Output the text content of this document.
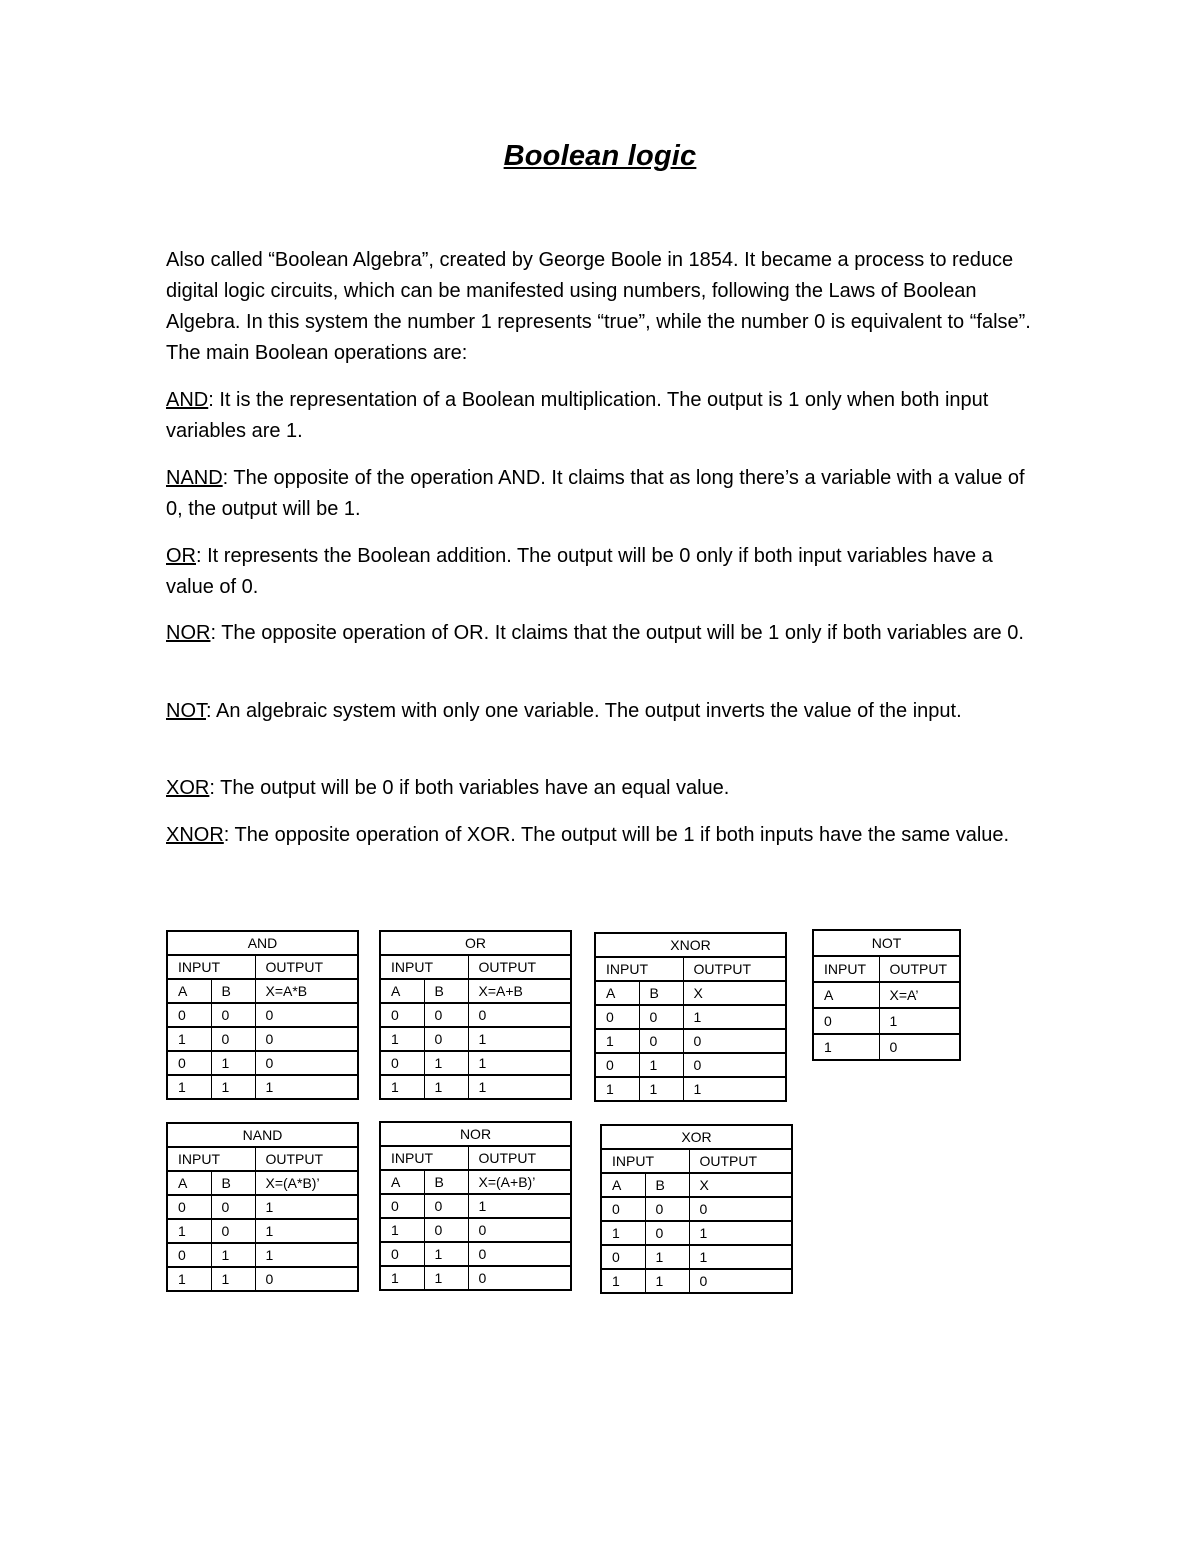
Boolean logic

Also called “Boolean Algebra”, created by George Boole in 1854. It became a process to reduce digital logic circuits, which can be manifested using numbers, following the Laws of Boolean Algebra. In this system the number 1 represents “true”, while the number 0 is equivalent to “false”. The main Boolean operations are:

AND: It is the representation of a Boolean multiplication. The output is 1 only when both input variables are 1.

NAND: The opposite of the operation AND. It claims that as long there’s a variable with a value of 0, the output will be 1.

OR: It represents the Boolean addition. The output will be 0 only if both input variables have a value of 0.

NOR: The opposite operation of OR. It claims that the output will be 1 only if both variables are 0.

NOT: An algebraic system with only one variable. The output inverts the value of the input.

XOR: The output will be 0 if both variables have an equal value.

XNOR: The opposite operation of XOR. The output will be 1 if both inputs have the same value.

AND		
INPUT		OUTPUT
A	B	X=A*B
0	0	0
1	0	0
0	1	0
1	1	1
OR		
INPUT		OUTPUT
A	B	X=A+B
0	0	0
1	0	1
0	1	1
1	1	1
XNOR		
INPUT		OUTPUT
A	B	X
0	0	1
1	0	0
0	1	0
1	1	1
NOT	
INPUT	OUTPUT
A	X=A’
0	1
1	0
NAND		
INPUT		OUTPUT
A	B	X=(A*B)’
0	0	1
1	0	1
0	1	1
1	1	0
NOR		
INPUT		OUTPUT
A	B	X=(A+B)’
0	0	1
1	0	0
0	1	0
1	1	0
XOR		
INPUT		OUTPUT
A	B	X
0	0	0
1	0	1
0	1	1
1	1	0
